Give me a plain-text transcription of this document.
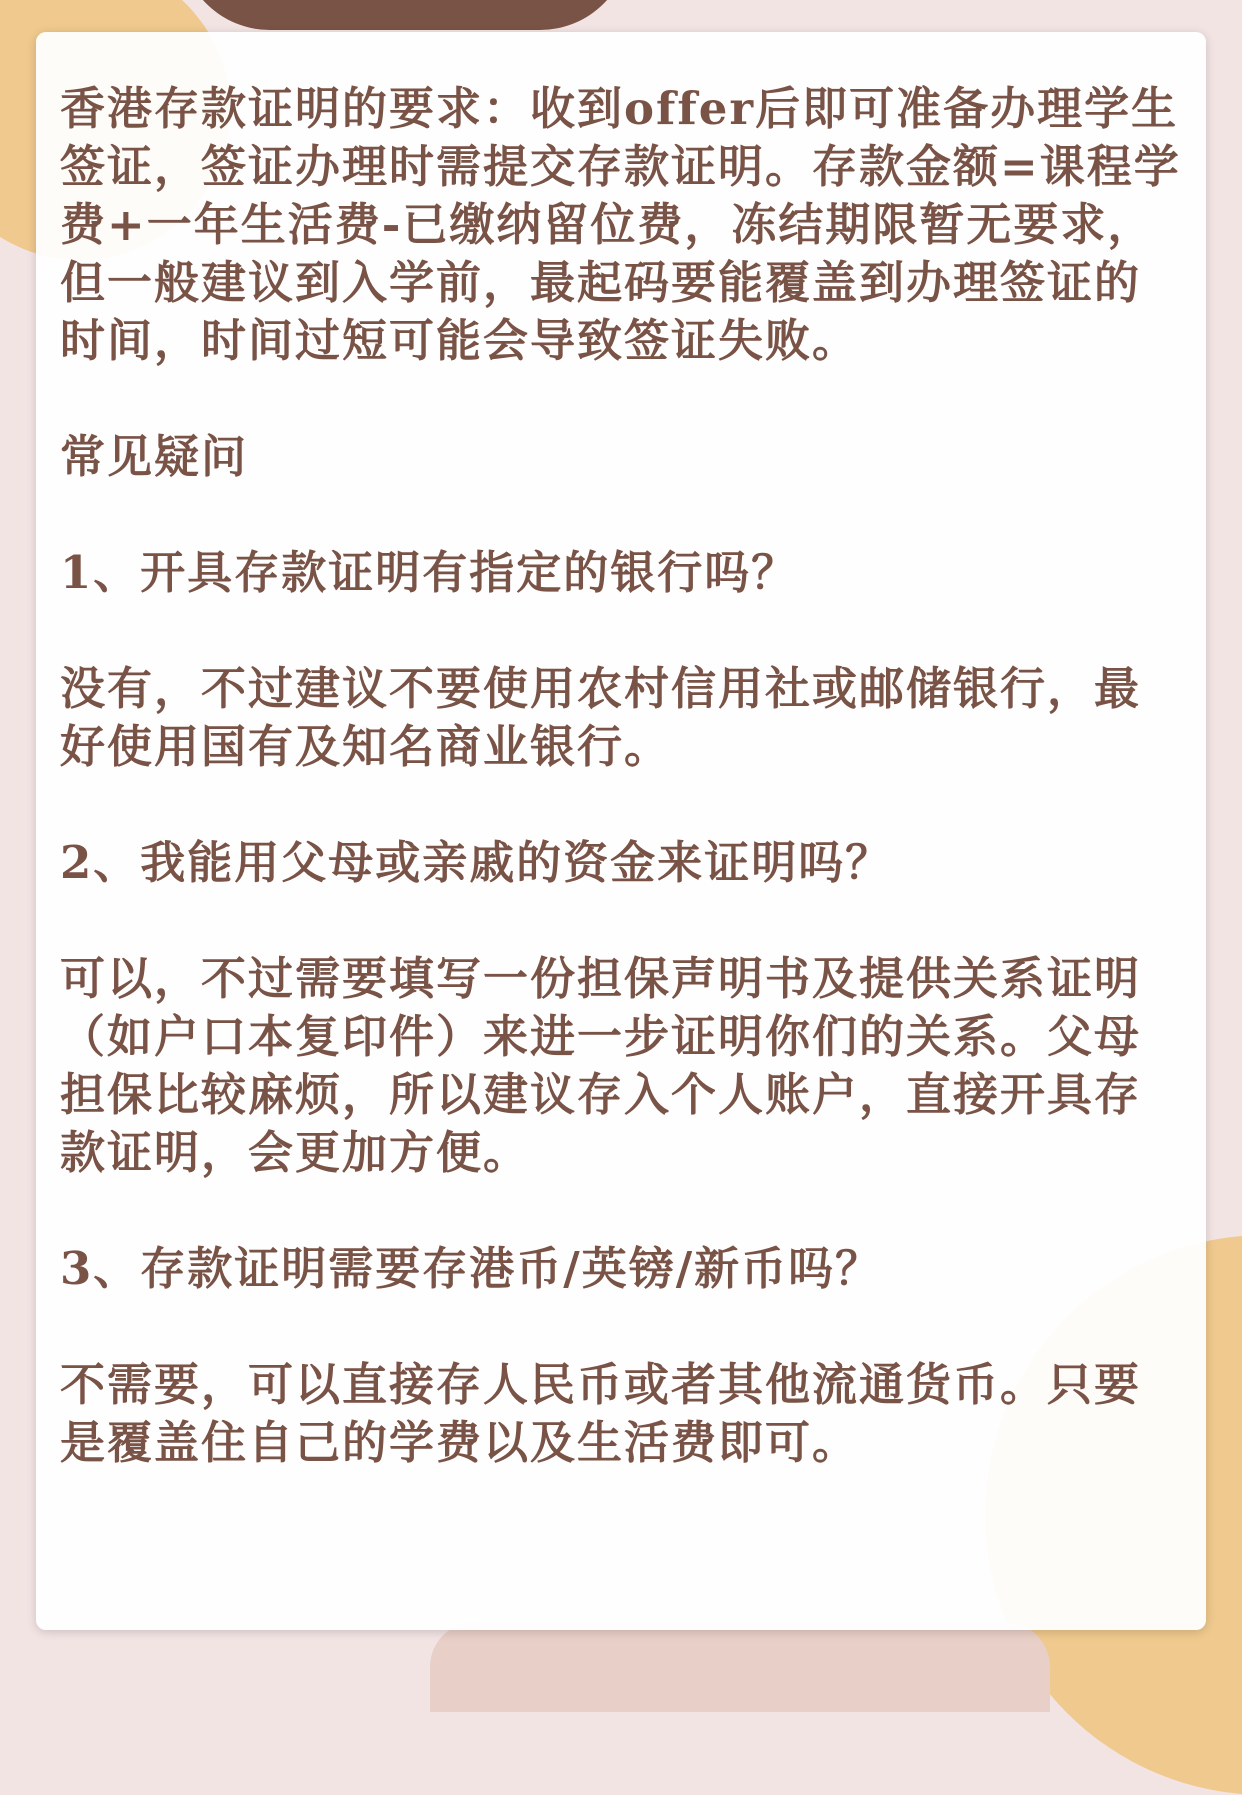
香港存款证明的要求：收到offer后即可准备办理学生签证，签证办理时需提交存款证明。存款金额=课程学费+一年生活费-已缴纳留位费，冻结期限暂无要求，但一般建议到入学前，最起码要能覆盖到办理签证的时间，时间过短可能会导致签证失败。

常见疑问

1、开具存款证明有指定的银行吗？

没有，不过建议不要使用农村信用社或邮储银行，最好使用国有及知名商业银行。

2、我能用父母或亲戚的资金来证明吗？

可以，不过需要填写一份担保声明书及提供关系证明（如户口本复印件）来进一步证明你们的关系。父母担保比较麻烦，所以建议存入个人账户，直接开具存款证明，会更加方便。

3、存款证明需要存港币/英镑/新币吗？

不需要，可以直接存人民币或者其他流通货币。只要是覆盖住自己的学费以及生活费即可。
